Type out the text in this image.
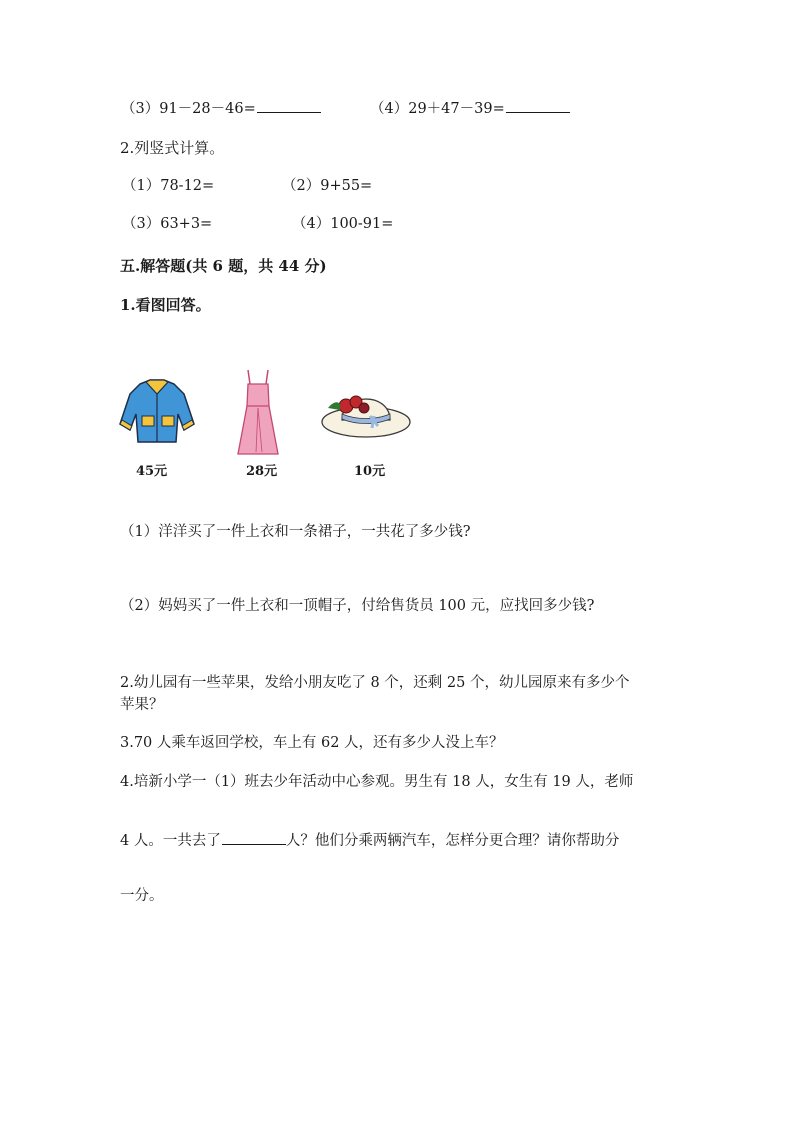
（3）91－28－46=	（4）29＋47－39=
2.列竖式计算。
（1）78-12=	（2）9+55=
（3）63+3=	（4）100-91=
五.解答题(共 6 题，共 44 分)
1.看图回答。
45元	28元	10元
（1）洋洋买了一件上衣和一条裙子，一共花了多少钱?
（2）妈妈买了一件上衣和一顶帽子，付给售货员 100 元，应找回多少钱?
2.幼儿园有一些苹果，发给小朋友吃了 8 个，还剩 25 个，幼儿园原来有多少个
苹果？
3.70 人乘车返回学校，车上有 62 人，还有多少人没上车？
4.培新小学一（1）班去少年活动中心参观。男生有 18 人，女生有 19 人，老师
4 人。一共去了	人？他们分乘两辆汽车，怎样分更合理？请你帮助分
一分。
